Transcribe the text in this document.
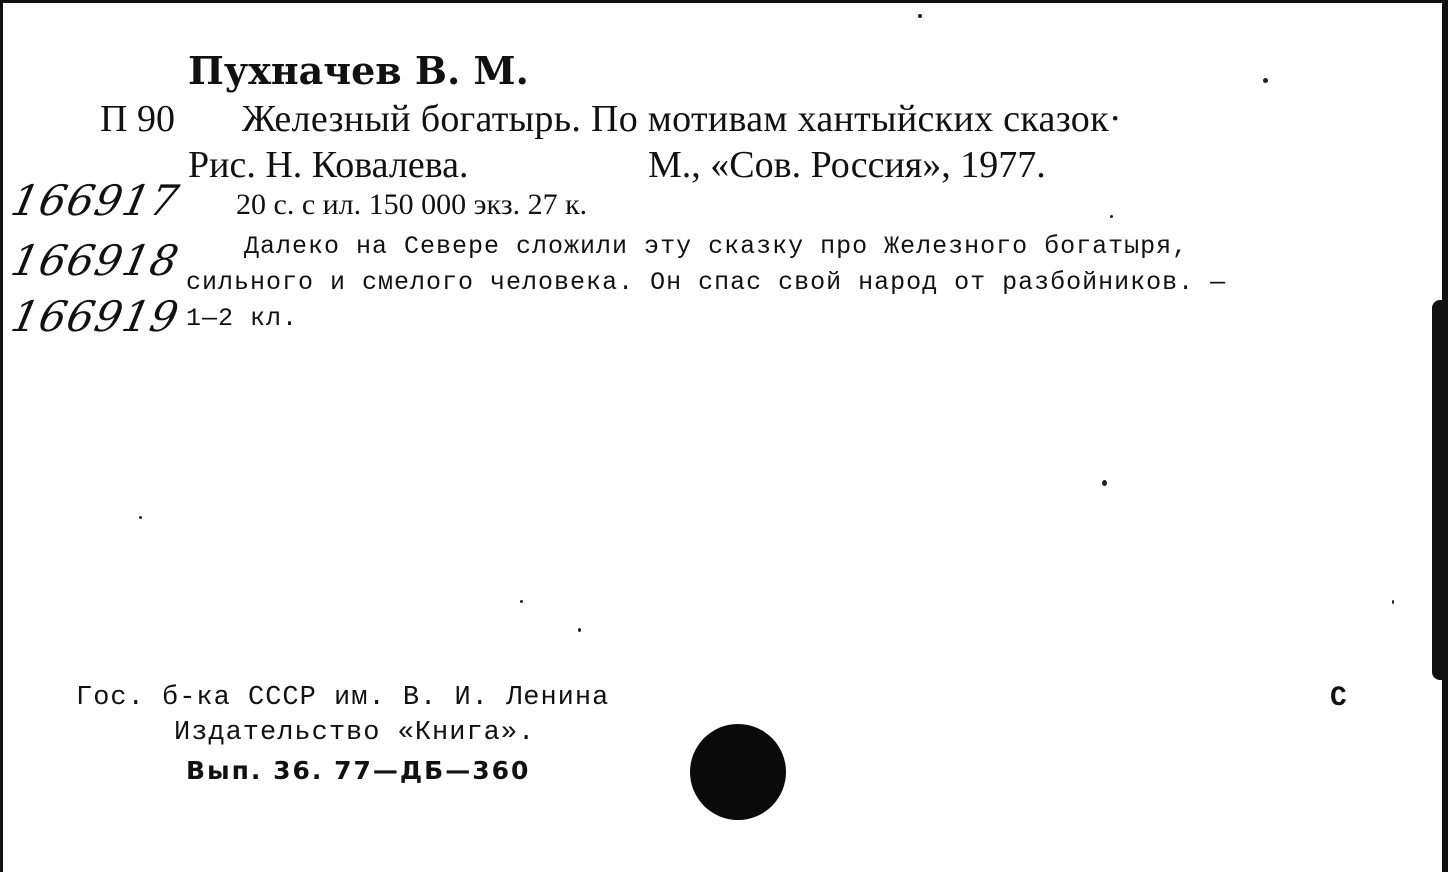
Пухначев В. М.
П 90 Железный богатырь. По мотивам хантыйских сказок·
Рис. Н. Ковалева.	М., «Сов. Россия», 1977.
20 с. с ил. 150 000 экз. 27 к.
Далеко на Севере сложили эту сказку про Железного богатыря,
сильного и смелого человека. Он спас свой народ от разбойников. —
1—2 кл.
166917
166918
166919
Гос. б-ка СССР им. В. И. Ленина
Издательство «Книга».
Вып. 36. 77—ДБ—360
С
